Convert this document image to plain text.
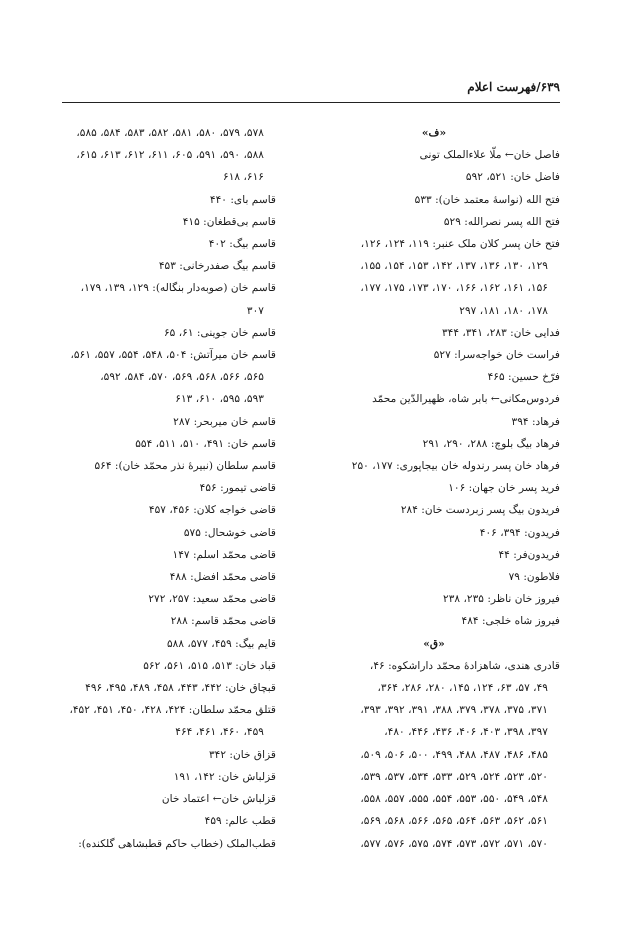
۶۳۹/فهرست اعلام
«ف»
فاصل خان← ملّا علاءالملک تونی
فاضل خان: ۵۲۱، ۵۹۲
فتح الله (نواسهٔ معتمد خان): ۵۳۳
فتح الله پسر نصرالله: ۵۲۹
فتح خان پسر کلان ملک عنبر: ۱۱۹، ۱۲۴، ۱۲۶،
۱۲۹، ۱۳۰، ۱۳۶، ۱۳۷، ۱۴۲، ۱۵۳، ۱۵۴، ۱۵۵،
۱۵۶، ۱۶۱، ۱۶۲، ۱۶۶، ۱۷۰، ۱۷۳، ۱۷۵، ۱۷۷،
۱۷۸، ۱۸۰، ۱۸۱، ۲۹۷
فدایی خان: ۲۸۳، ۳۴۱، ۳۴۴
فراست خان خواجه‌سرا: ۵۲۷
فرّخ حسین: ۴۶۵
فردوس‌مکانی← بابر شاه، ظهیرالدّین محمّد
فرهاد: ۳۹۴
فرهاد بیگ بلوچ: ۲۸۸، ۲۹۰، ۲۹۱
فرهاد خان پسر رندوله خان بیجاپوری: ۱۷۷، ۲۵۰
فرید پسر خان جهان: ۱۰۶
فریدون بیگ پسر زبردست خان: ۲۸۴
فریدون: ۳۹۴، ۴۰۶
فریدون‌فر: ۴۴
فلاطون: ۷۹
فیروز خان ناظر: ۲۳۵، ۲۳۸
فیروز شاه خلجی: ۴۸۴
«ق»
قادری هندی، شاهزادهٔ محمّد داراشکوه: ۴۶،
۴۹، ۵۷، ۶۳، ۱۲۴، ۱۴۵، ۲۸۰، ۲۸۶، ۳۶۴،
۳۷۱، ۳۷۵، ۳۷۸، ۳۷۹، ۳۸۸، ۳۹۱، ۳۹۲، ۳۹۳،
۳۹۷، ۳۹۸، ۴۰۳، ۴۰۶، ۴۳۶، ۴۴۶، ۴۸۰،
۴۸۵، ۴۸۶، ۴۸۷، ۴۸۸، ۴۹۹، ۵۰۰، ۵۰۶، ۵۰۹،
۵۲۰، ۵۲۳، ۵۲۴، ۵۲۹، ۵۳۳، ۵۳۴، ۵۳۷، ۵۳۹،
۵۴۸، ۵۴۹، ۵۵۰، ۵۵۳، ۵۵۴، ۵۵۵، ۵۵۷، ۵۵۸،
۵۶۱، ۵۶۲، ۵۶۳، ۵۶۴، ۵۶۵، ۵۶۶، ۵۶۸، ۵۶۹،
۵۷۰، ۵۷۱، ۵۷۲، ۵۷۳، ۵۷۴، ۵۷۵، ۵۷۶، ۵۷۷،
۵۷۸، ۵۷۹، ۵۸۰، ۵۸۱، ۵۸۲، ۵۸۳، ۵۸۴، ۵۸۵،
۵۸۸، ۵۹۰، ۵۹۱، ۶۰۵، ۶۱۱، ۶۱۲، ۶۱۳، ۶۱۵،
۶۱۶، ۶۱۸
قاسم بای: ۴۴۰
قاسم بی‌قطغان: ۴۱۵
قاسم بیگ: ۴۰۲
قاسم بیگ صفدرخانی: ۴۵۳
قاسم خان (صوبه‌دار بنگاله): ۱۲۹، ۱۳۹، ۱۷۹،
۳۰۷
قاسم خان جوینی: ۶۱، ۶۵
قاسم خان میرآتش: ۵۰۴، ۵۴۸، ۵۵۴، ۵۵۷، ۵۶۱،
۵۶۵، ۵۶۶، ۵۶۸، ۵۶۹، ۵۷۰، ۵۸۴، ۵۹۲،
۵۹۳، ۵۹۵، ۶۱۰، ۶۱۳
قاسم خان میربحر: ۲۸۷
قاسم خان: ۴۹۱، ۵۱۰، ۵۱۱، ۵۵۴
قاسم سلطان (نبیرهٔ نذر محمّد خان): ۵۶۴
قاضی تیمور: ۴۵۶
قاضی خواجه کلان: ۴۵۶، ۴۵۷
قاضی خوشحال: ۵۷۵
قاضی محمّد اسلم: ۱۴۷
قاضی محمّد افضل: ۴۸۸
قاضی محمّد سعید: ۲۵۷، ۲۷۲
قاضی محمّد قاسم: ۲۸۸
قایم بیگ: ۴۵۹، ۵۷۷، ۵۸۸
قباد خان: ۵۱۳، ۵۱۵، ۵۶۱، ۵۶۲
قبچاق خان: ۴۴۲، ۴۴۳، ۴۵۸، ۴۸۹، ۴۹۵، ۴۹۶
قتلق محمّد سلطان: ۴۲۴، ۴۲۸، ۴۵۰، ۴۵۱، ۴۵۲،
۴۵۹، ۴۶۰، ۴۶۱، ۴۶۴
قزاق خان: ۳۴۲
قزلباش خان: ۱۴۲، ۱۹۱
قزلباش خان← اعتماد خان
قطب عالم: ۴۵۹
قطب‌الملک (خطاب حاکم قطبشاهی گلکنده):
